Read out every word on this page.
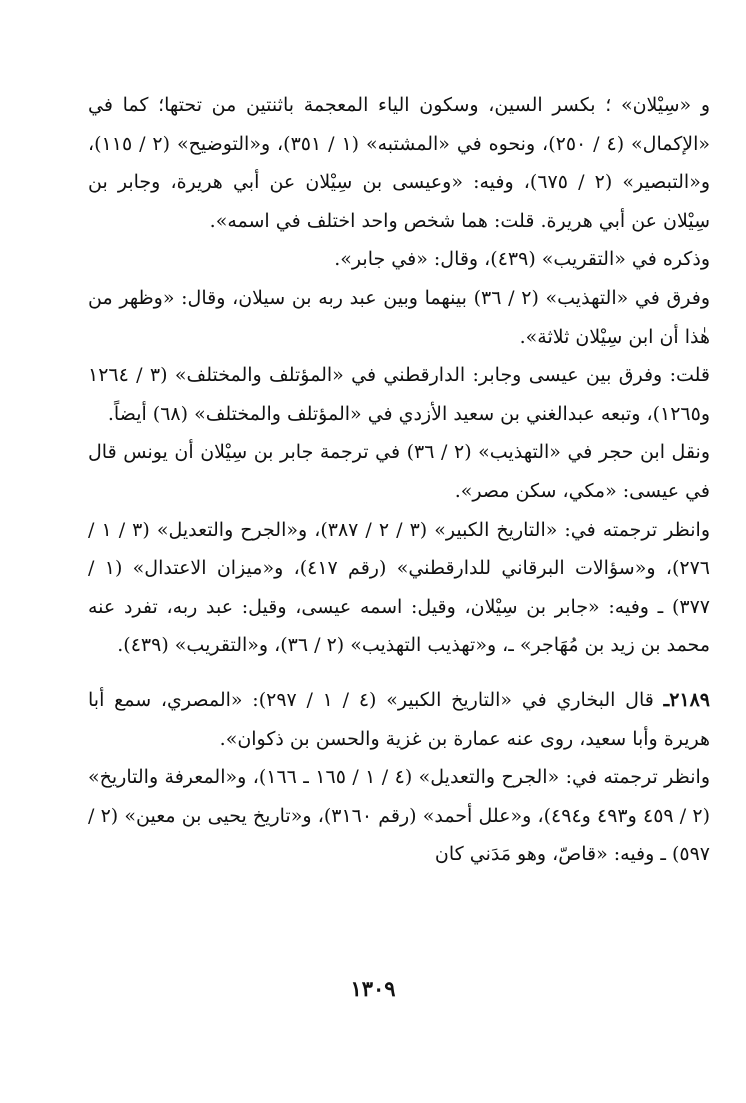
و «سِيْلان» ؛ بكسر السين، وسكون الياء المعجمة باثنتين من تحتها؛ كما في «الإكمال» (٤ / ٢٥٠)، ونحوه في «المشتبه» (١ / ٣٥١)، و«التوضيح» (٢ / ١١٥)، و«التبصير» (٢ / ٦٧٥)، وفيه: «وعيسى بن سِيْلان عن أبي هريرة، وجابر بن سِيْلان عن أبي هريرة. قلت: هما شخص واحد اختلف في اسمه».

وذكره في «التقريب» (٤٣٩)، وقال: «في جابر».

وفرق في «التهذيب» (٢ / ٣٦) بينهما وبين عبد ربه بن سيلان، وقال: «وظهر من هٰذا أن ابن سِيْلان ثلاثة».

قلت: وفرق بين عيسى وجابر: الدارقطني في «المؤتلف والمختلف» (٣ / ١٢٦٤ و١٢٦٥)، وتبعه عبدالغني بن سعيد الأزدي في «المؤتلف والمختلف» (٦٨) أيضاً.

ونقل ابن حجر في «التهذيب» (٢ / ٣٦) في ترجمة جابر بن سِيْلان أن يونس قال في عيسى: «مكي، سكن مصر».

وانظر ترجمته في: «التاريخ الكبير» (٣ / ٢ / ٣٨٧)، و«الجرح والتعديل» (٣ / ١ / ٢٧٦)، و«سؤالات البرقاني للدارقطني» (رقم ٤١٧)، و«ميزان الاعتدال» (١ / ٣٧٧) ـ وفيه: «جابر بن سِيْلان، وقيل: اسمه عيسى، وقيل: عبد ربه، تفرد عنه محمد بن زيد بن مُهَاجر» ـ، و«تهذيب التهذيب» (٢ / ٣٦)، و«التقريب» (٤٣٩).

٢١٨٩ـ قال البخاري في «التاريخ الكبير» (٤ / ١ / ٢٩٧): «المصري، سمع أبا هريرة وأبا سعيد، روى عنه عمارة بن غزية والحسن بن ذكوان».

وانظر ترجمته في: «الجرح والتعديل» (٤ / ١ / ١٦٥ ـ ١٦٦)، و«المعرفة والتاريخ» (٢ / ٤٥٩ و٤٩٣ و٤٩٤)، و«علل أحمد» (رقم ٣١٦٠)، و«تاريخ يحيى بن معين» (٢ / ٥٩٧) ـ وفيه: «قاصّ، وهو مَدَني كان

١٣٠٩
